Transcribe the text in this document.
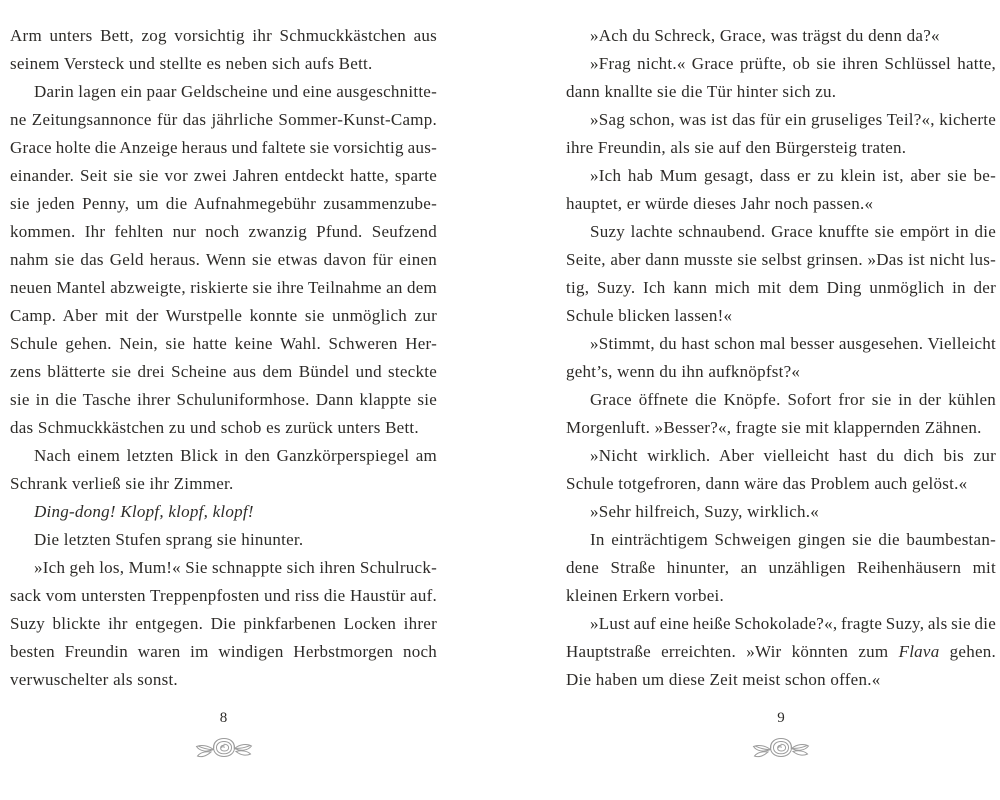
Arm unters Bett, zog vorsichtig ihr Schmuckkästchen aus
seinem Versteck und stellte es neben sich aufs Bett.
Darin lagen ein paar Geldscheine und eine ausgeschnitte-
ne Zeitungsannonce für das jährliche Sommer-Kunst-Camp.
Grace holte die Anzeige heraus und faltete sie vorsichtig aus-
einander. Seit sie sie vor zwei Jahren entdeckt hatte, sparte
sie jeden Penny, um die Aufnahmegebühr zusammenzube-
kommen. Ihr fehlten nur noch zwanzig Pfund. Seufzend
nahm sie das Geld heraus. Wenn sie etwas davon für einen
neuen Mantel abzweigte, riskierte sie ihre Teilnahme an dem
Camp. Aber mit der Wurstpelle konnte sie unmöglich zur
Schule gehen. Nein, sie hatte keine Wahl. Schweren Her-
zens blätterte sie drei Scheine aus dem Bündel und steckte
sie in die Tasche ihrer Schuluniformhose. Dann klappte sie
das Schmuckkästchen zu und schob es zurück unters Bett.
Nach einem letzten Blick in den Ganzkörperspiegel am
Schrank verließ sie ihr Zimmer.
Ding-dong! Klopf, klopf, klopf!
Die letzten Stufen sprang sie hinunter.
»Ich geh los, Mum!« Sie schnappte sich ihren Schulruck-
sack vom untersten Treppenpfosten und riss die Haustür auf.
Suzy blickte ihr entgegen. Die pinkfarbenen Locken ihrer
besten Freundin waren im windigen Herbstmorgen noch
verwuschelter als sonst.
8
»Ach du Schreck, Grace, was trägst du denn da?«
»Frag nicht.« Grace prüfte, ob sie ihren Schlüssel hatte,
dann knallte sie die Tür hinter sich zu.
»Sag schon, was ist das für ein gruseliges Teil?«, kicherte
ihre Freundin, als sie auf den Bürgersteig traten.
»Ich hab Mum gesagt, dass er zu klein ist, aber sie be-
hauptet, er würde dieses Jahr noch passen.«
Suzy lachte schnaubend. Grace knuffte sie empört in die
Seite, aber dann musste sie selbst grinsen. »Das ist nicht lus-
tig, Suzy. Ich kann mich mit dem Ding unmöglich in der
Schule blicken lassen!«
»Stimmt, du hast schon mal besser ausgesehen. Vielleicht
geht’s, wenn du ihn aufknöpfst?«
Grace öffnete die Knöpfe. Sofort fror sie in der kühlen
Morgenluft. »Besser?«, fragte sie mit klappernden Zähnen.
»Nicht wirklich. Aber vielleicht hast du dich bis zur
Schule totgefroren, dann wäre das Problem auch gelöst.«
»Sehr hilfreich, Suzy, wirklich.«
In einträchtigem Schweigen gingen sie die baumbestan-
dene Straße hinunter, an unzähligen Reihenhäusern mit
kleinen Erkern vorbei.
»Lust auf eine heiße Schokolade?«, fragte Suzy, als sie die
Hauptstraße erreichten. »Wir könnten zum Flava gehen.
Die haben um diese Zeit meist schon offen.«
9
